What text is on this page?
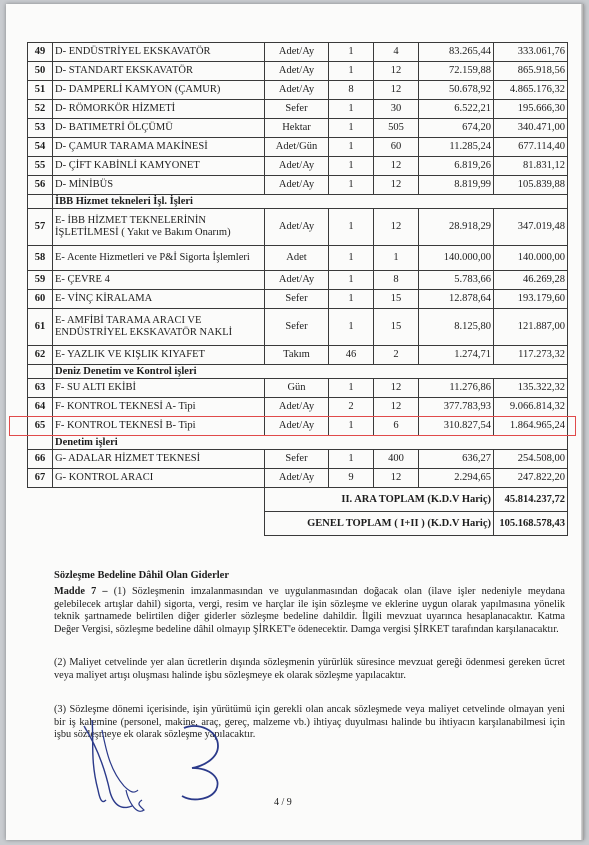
49	D- ENDÜSTRİYEL EKSKAVATÖR	Adet/Ay	1	4	83.265,44	333.061,76
50	D- STANDART EKSKAVATÖR	Adet/Ay	1	12	72.159,88	865.918,56
51	D- DAMPERLİ KAMYON (ÇAMUR)	Adet/Ay	8	12	50.678,92	4.865.176,32
52	D- RÖMORKÖR HİZMETİ	Sefer	1	30	6.522,21	195.666,30
53	D- BATIMETRİ ÖLÇÜMÜ	Hektar	1	505	674,20	340.471,00
54	D- ÇAMUR TARAMA MAKİNESİ	Adet/Gün	1	60	11.285,24	677.114,40
55	D- ÇİFT KABİNLİ KAMYONET	Adet/Ay	1	12	6.819,26	81.831,12
56	D- MİNİBÜS	Adet/Ay	1	12	8.819,99	105.839,88
	İBB Hizmet tekneleri İşl. İşleri					
57	E- İBB HİZMET TEKNELERİNİN İŞLETİLMESİ ( Yakıt ve Bakım Onarım)	Adet/Ay	1	12	28.918,29	347.019,48
58	E- Acente Hizmetleri ve P&İ Sigorta İşlemleri	Adet	1	1	140.000,00	140.000,00
59	E- ÇEVRE 4	Adet/Ay	1	8	5.783,66	46.269,28
60	E- VİNÇ KİRALAMA	Sefer	1	15	12.878,64	193.179,60
61	E- AMFİBİ TARAMA ARACI VE ENDÜSTRİYEL EKSKAVATÖR NAKLİ	Sefer	1	15	8.125,80	121.887,00
62	E- YAZLIK VE KIŞLIK KIYAFET	Takım	46	2	1.274,71	117.273,32
	Deniz Denetim ve Kontrol işleri					
63	F- SU ALTI EKİBİ	Gün	1	12	11.276,86	135.322,32
64	F- KONTROL TEKNESİ A- Tipi	Adet/Ay	2	12	377.783,93	9.066.814,32
65	F- KONTROL TEKNESİ B- Tipi	Adet/Ay	1	6	310.827,54	1.864.965,24
	Denetim işleri					
66	G- ADALAR HİZMET TEKNESİ	Sefer	1	400	636,27	254.508,00
67	G- KONTROL ARACI	Adet/Ay	9	12	2.294,65	247.822,20
		II. ARA TOPLAM (K.D.V Hariç)				45.814.237,72
		GENEL TOPLAM ( I+II ) (K.D.V Hariç)				105.168.578,43

Sözleşme Bedeline Dâhil Olan Giderler

Madde 7 – (1) Sözleşmenin imzalanmasından ve uygulanmasından doğacak olan (ilave işler nedeniyle meydana gelebilecek artışlar dahil) sigorta, vergi, resim ve harçlar ile işin sözleşme ve eklerine uygun olarak yapılmasına yönelik teknik şartnamede belirtilen diğer giderler sözleşme bedeline dahildir. İlgili mevzuat uyarınca hesaplanacaktır. Katma Değer Vergisi, sözleşme bedeline dâhil olmayıp ŞİRKET'e ödenecektir. Damga vergisi ŞİRKET tarafından karşılanacaktır.

(2) Maliyet cetvelinde yer alan ücretlerin dışında sözleşmenin yürürlük süresince mevzuat gereği ödenmesi gereken ücret veya maliyet artışı oluşması halinde işbu sözleşmeye ek olarak sözleşme yapılacaktır.

(3) Sözleşme dönemi içerisinde, işin yürütümü için gerekli olan ancak sözleşmede veya maliyet cetvelinde olmayan yeni bir iş kalemine (personel, makine, araç, gereç, malzeme vb.) ihtiyaç duyulması halinde bu ihtiyacın karşılanabilmesi için işbu sözleşmeye ek olarak sözleşme yapılacaktır.

4 / 9
